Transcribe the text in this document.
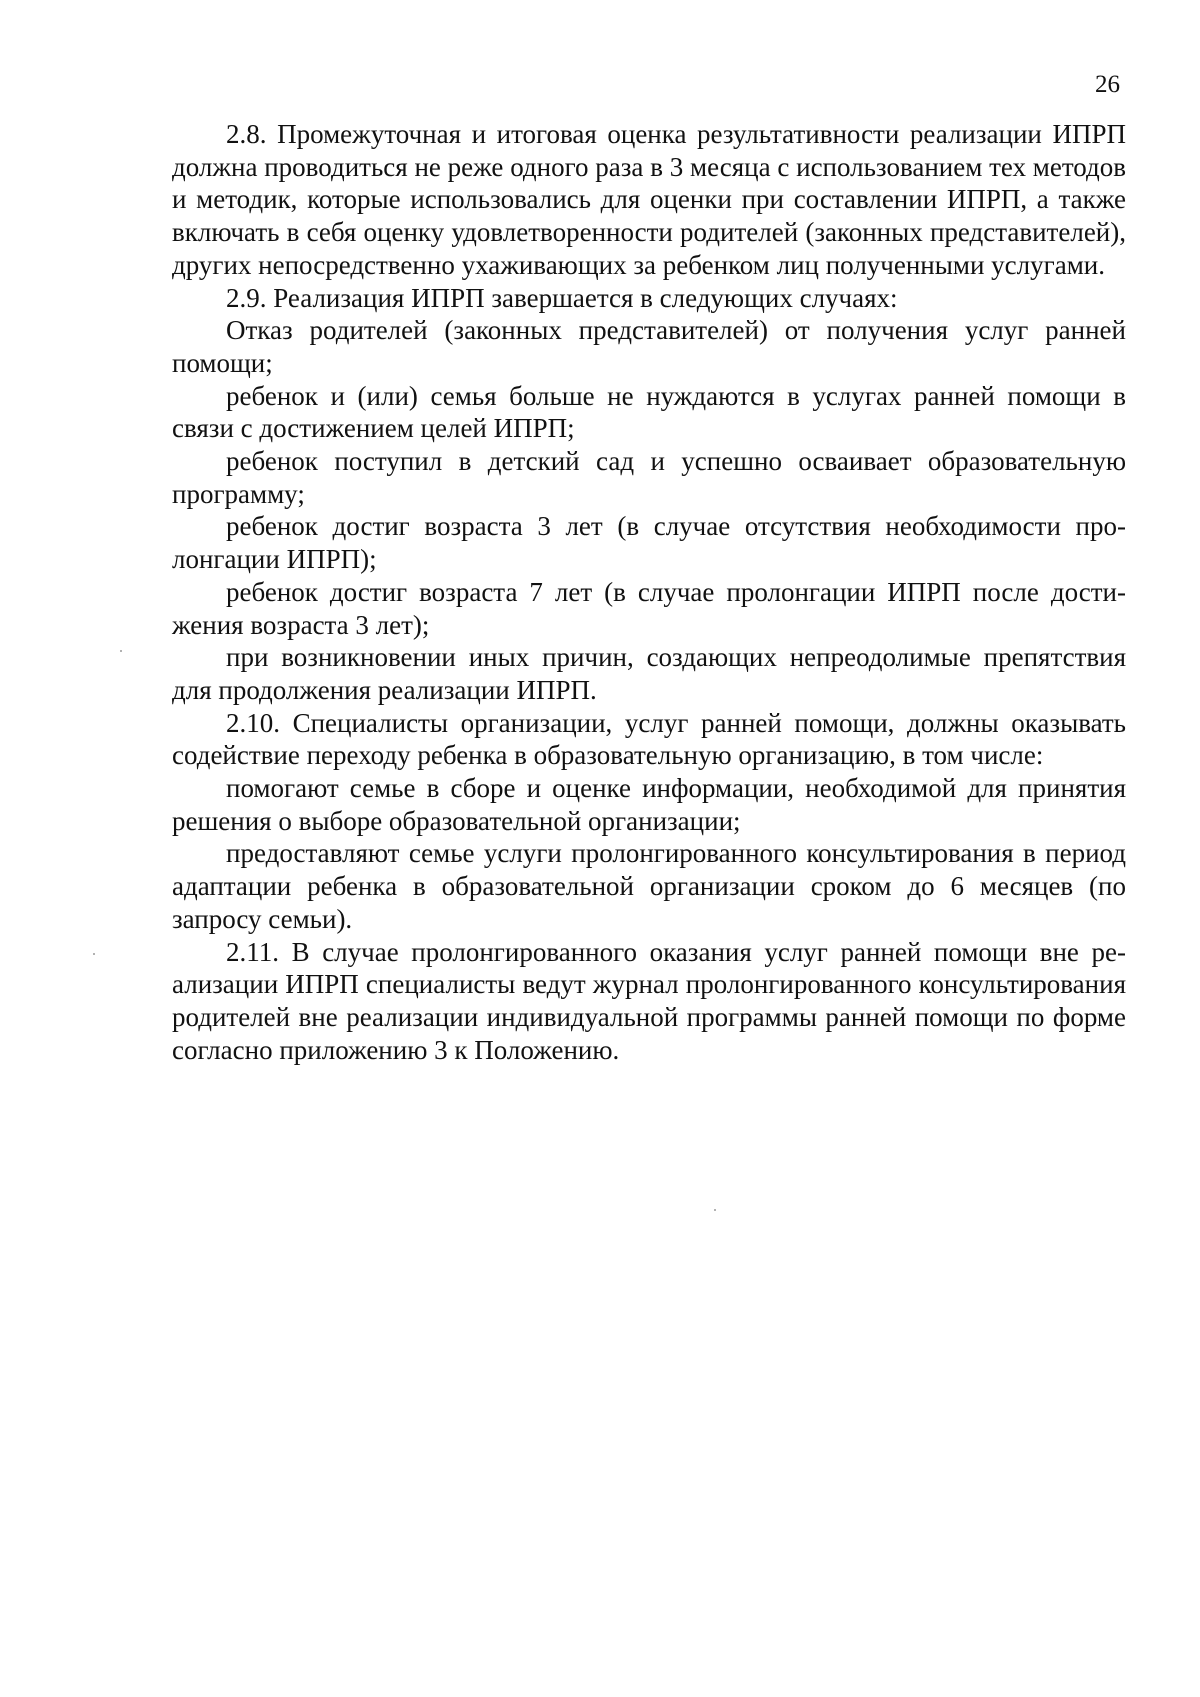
26

2.8. Промежуточная и итоговая оценка результативности реализации ИПРП должна проводиться не реже одного раза в 3 месяца с использованием тех методов и методик, которые использовались для оценки при составлении ИПРП, а также включать в себя оценку удовлетворенности родителей (законных представителей), других непосредственно ухаживающих за ребенком лиц полученными услугами.

2.9. Реализация ИПРП завершается в следующих случаях:

Отказ родителей (законных представителей) от получения услуг ранней помощи;

ребенок и (или) семья больше не нуждаются в услугах ранней помощи в связи с достижением целей ИПРП;

ребенок поступил в детский сад и успешно осваивает образовательную программу;

ребенок достиг возраста 3 лет (в случае отсутствия необходимости пролонгации ИПРП);

ребенок достиг возраста 7 лет (в случае пролонгации ИПРП после достижения возраста 3 лет);

при возникновении иных причин, создающих непреодолимые препятствия для продолжения реализации ИПРП.

2.10. Специалисты организации, услуг ранней помощи, должны оказывать содействие переходу ребенка в образовательную организацию, в том числе:

помогают семье в сборе и оценке информации, необходимой для принятия решения о выборе образовательной организации;

предоставляют семье услуги пролонгированного консультирования в период адаптации ребенка в образовательной организации сроком до 6 месяцев (по запросу семьи).

2.11. В случае пролонгированного оказания услуг ранней помощи вне реализации ИПРП специалисты ведут журнал пролонгированного консультирования родителей вне реализации индивидуальной программы ранней помощи по форме согласно приложению 3 к Положению.
